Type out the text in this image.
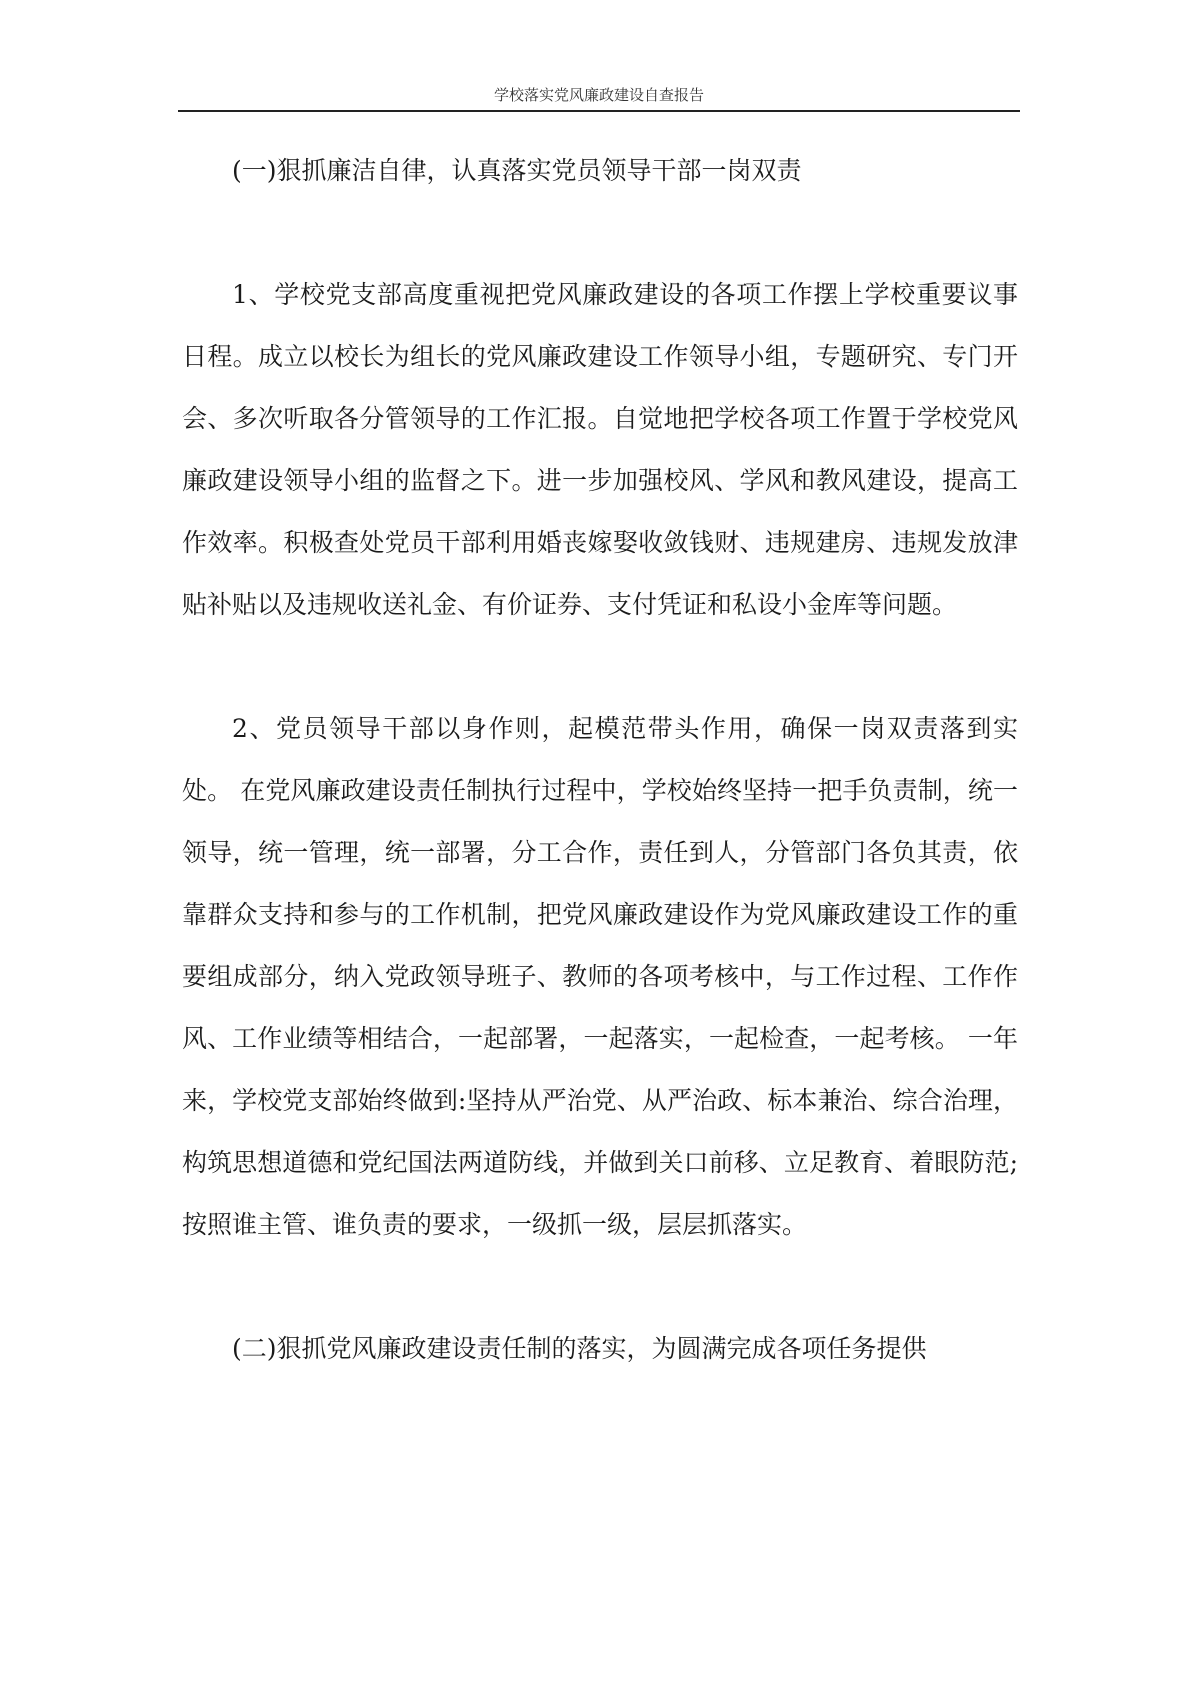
学校落实党风廉政建设自查报告

(一)狠抓廉洁自律，认真落实党员领导干部一岗双责

1、学校党支部高度重视把党风廉政建设的各项工作摆上学校重要议事日程。成立以校长为组长的党风廉政建设工作领导小组，专题研究、专门开会、多次听取各分管领导的工作汇报。自觉地把学校各项工作置于学校党风廉政建设领导小组的监督之下。进一步加强校风、学风和教风建设，提高工作效率。积极查处党员干部利用婚丧嫁娶收敛钱财、违规建房、违规发放津贴补贴以及违规收送礼金、有价证券、支付凭证和私设小金库等问题。

2、党员领导干部以身作则，起模范带头作用，确保一岗双责落到实处。 在党风廉政建设责任制执行过程中，学校始终坚持一把手负责制，统一领导，统一管理，统一部署，分工合作，责任到人，分管部门各负其责，依靠群众支持和参与的工作机制，把党风廉政建设作为党风廉政建设工作的重要组成部分，纳入党政领导班子、教师的各项考核中，与工作过程、工作作风、工作业绩等相结合，一起部署，一起落实，一起检查，一起考核。 一年来，学校党支部始终做到:坚持从严治党、从严治政、标本兼治、综合治理，构筑思想道德和党纪国法两道防线，并做到关口前移、立足教育、着眼防范;按照谁主管、谁负责的要求，一级抓一级，层层抓落实。

(二)狠抓党风廉政建设责任制的落实，为圆满完成各项任务提供
